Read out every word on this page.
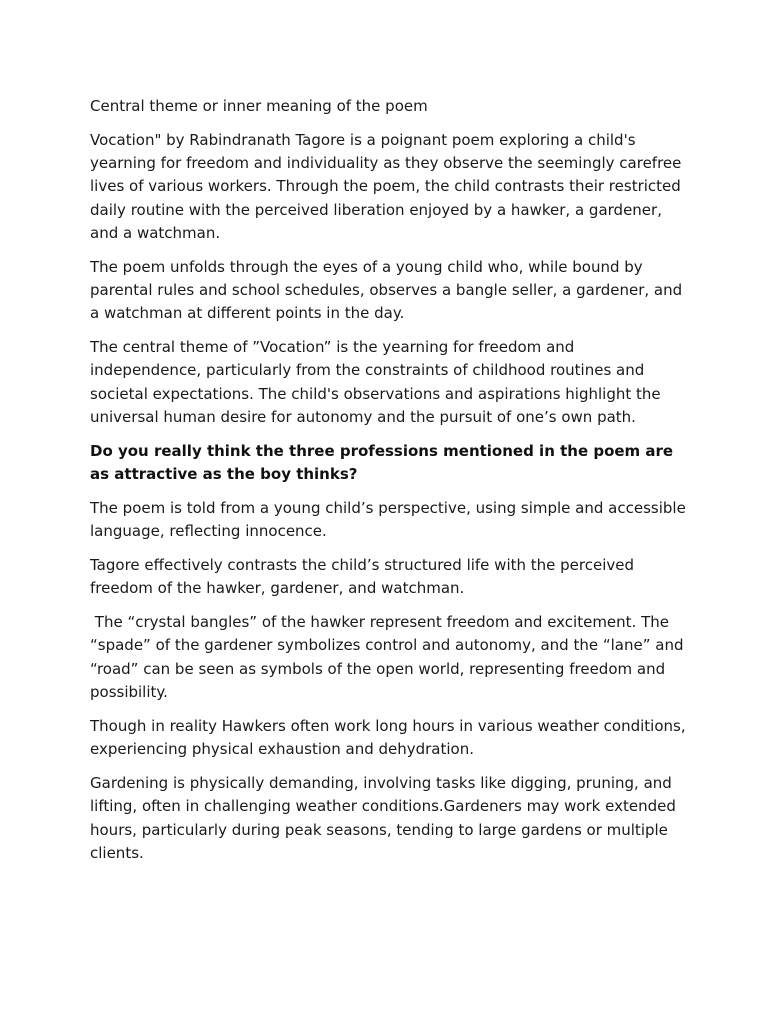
Central theme or inner meaning of the poem

Vocation" by Rabindranath Tagore is a poignant poem exploring a child's yearning for freedom and individuality as they observe the seemingly carefree lives of various workers. Through the poem, the child contrasts their restricted daily routine with the perceived liberation enjoyed by a hawker, a gardener, and a watchman.

The poem unfolds through the eyes of a young child who, while bound by parental rules and school schedules, observes a bangle seller, a gardener, and a watchman at different points in the day.

The central theme of ”Vocation” is the yearning for freedom and independence, particularly from the constraints of childhood routines and societal expectations. The child's observations and aspirations highlight the universal human desire for autonomy and the pursuit of one’s own path.

Do you really think the three professions mentioned in the poem are as attractive as the boy thinks?

The poem is told from a young child’s perspective, using simple and accessible language, reflecting innocence.

Tagore effectively contrasts the child’s structured life with the perceived freedom of the hawker, gardener, and watchman.

The “crystal bangles” of the hawker represent freedom and excitement. The “spade” of the gardener symbolizes control and autonomy, and the “lane” and “road” can be seen as symbols of the open world, representing freedom and possibility.

Though in reality Hawkers often work long hours in various weather conditions, experiencing physical exhaustion and dehydration.

Gardening is physically demanding, involving tasks like digging, pruning, and lifting, often in challenging weather conditions.Gardeners may work extended hours, particularly during peak seasons, tending to large gardens or multiple clients.
